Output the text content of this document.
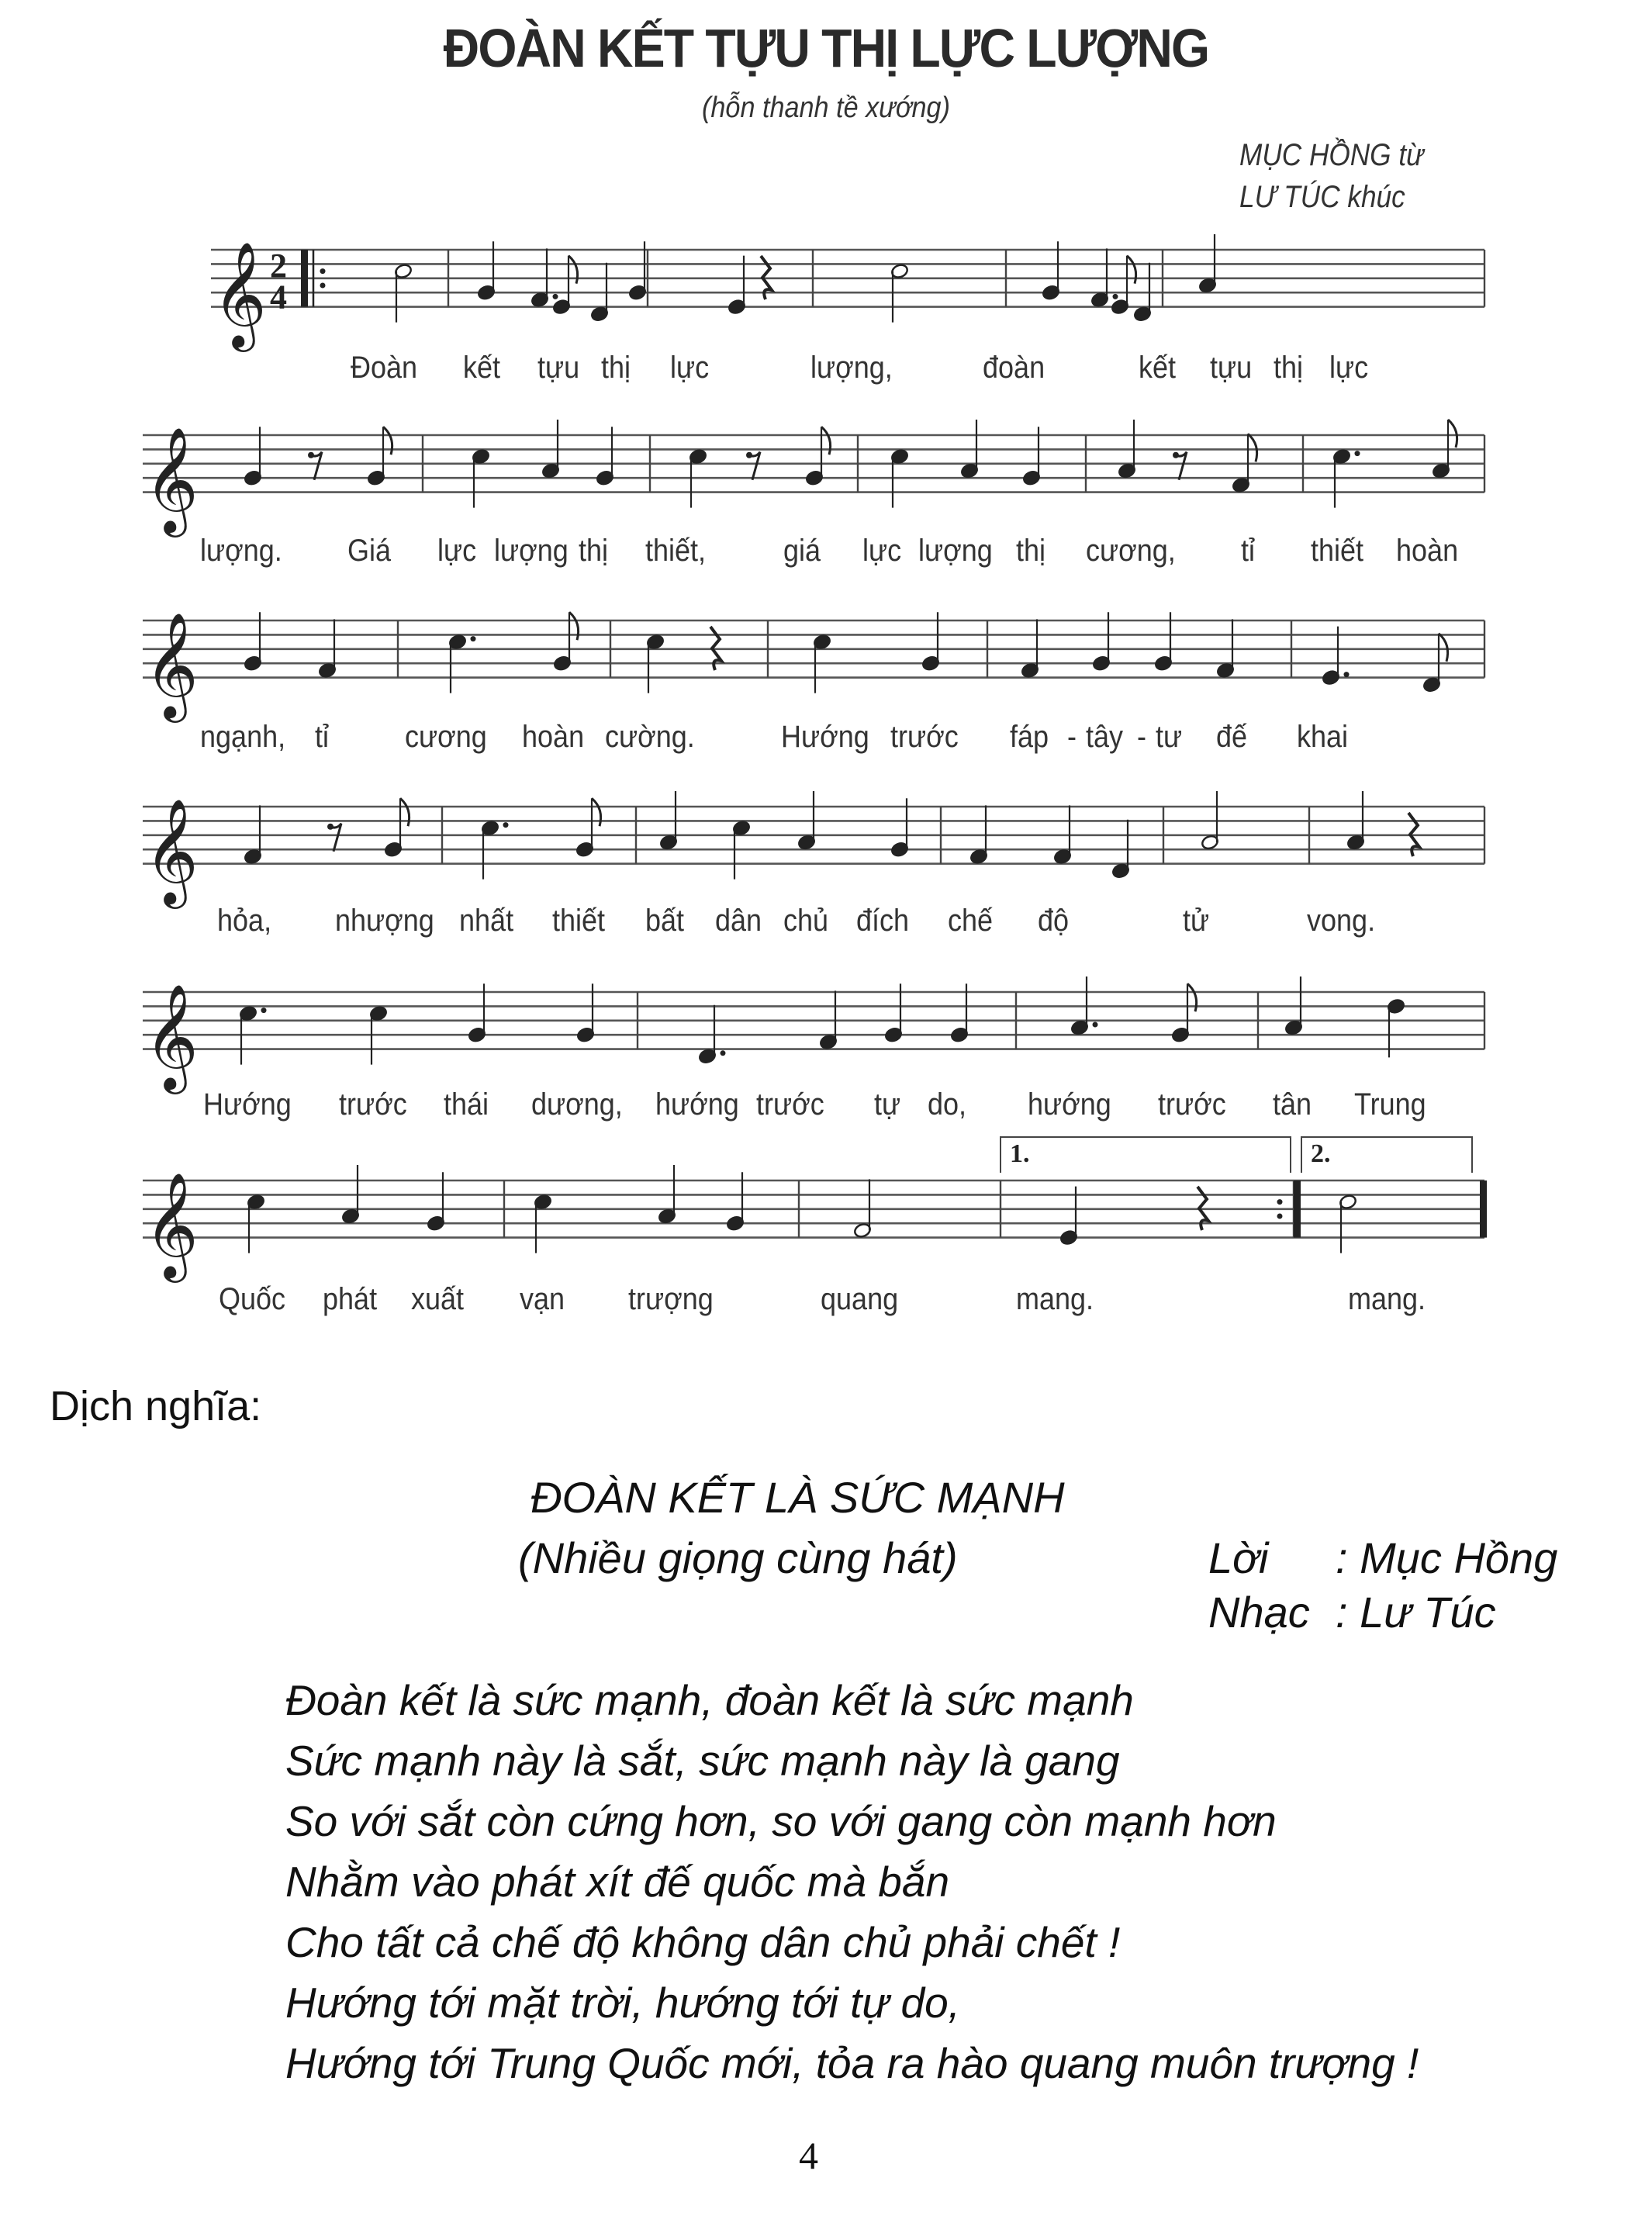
ĐOÀN KẾT TỰU THỊ LỰC LƯỢNG
(hỗn thanh tề xướng)
MỤC HỒNG từ
LƯ TÚC khúc
𝄞 2
4
Đoàn kết tựu thị lực	lượng,	đoàn	kết tựu thị lực
𝄞
lượng. Giá lực lượng thị thiết, giá lực lượng thị cương, tỉ thiết hoàn
𝄞
ngạnh, tỉ cương hoàn cường.	Hướng trước fáp - tây - tư đế khai
𝄞
hỏa, nhượng nhất thiết bất dân chủ đích chế độ	tử	vong.
𝄞
Hướng trước thái dương, hướng trước tự do, hướng trước tân Trung
𝄞
1.	2.
Quốc phát xuất vạn trượng	quang	mang.	mang.
Dịch nghĩa:
ĐOÀN KẾT LÀ SỨC MẠNH
(Nhiều giọng cùng hát)	Lời : Mục Hồng
Nhạc : Lư Túc
Đoàn kết là sức mạnh, đoàn kết là sức mạnh
Sức mạnh này là sắt, sức mạnh này là gang
So với sắt còn cứng hơn, so với gang còn mạnh hơn
Nhằm vào phát xít đế quốc mà bắn
Cho tất cả chế độ không dân chủ phải chết !
Hướng tới mặt trời, hướng tới tự do,
Hướng tới Trung Quốc mới, tỏa ra hào quang muôn trượng !
4
